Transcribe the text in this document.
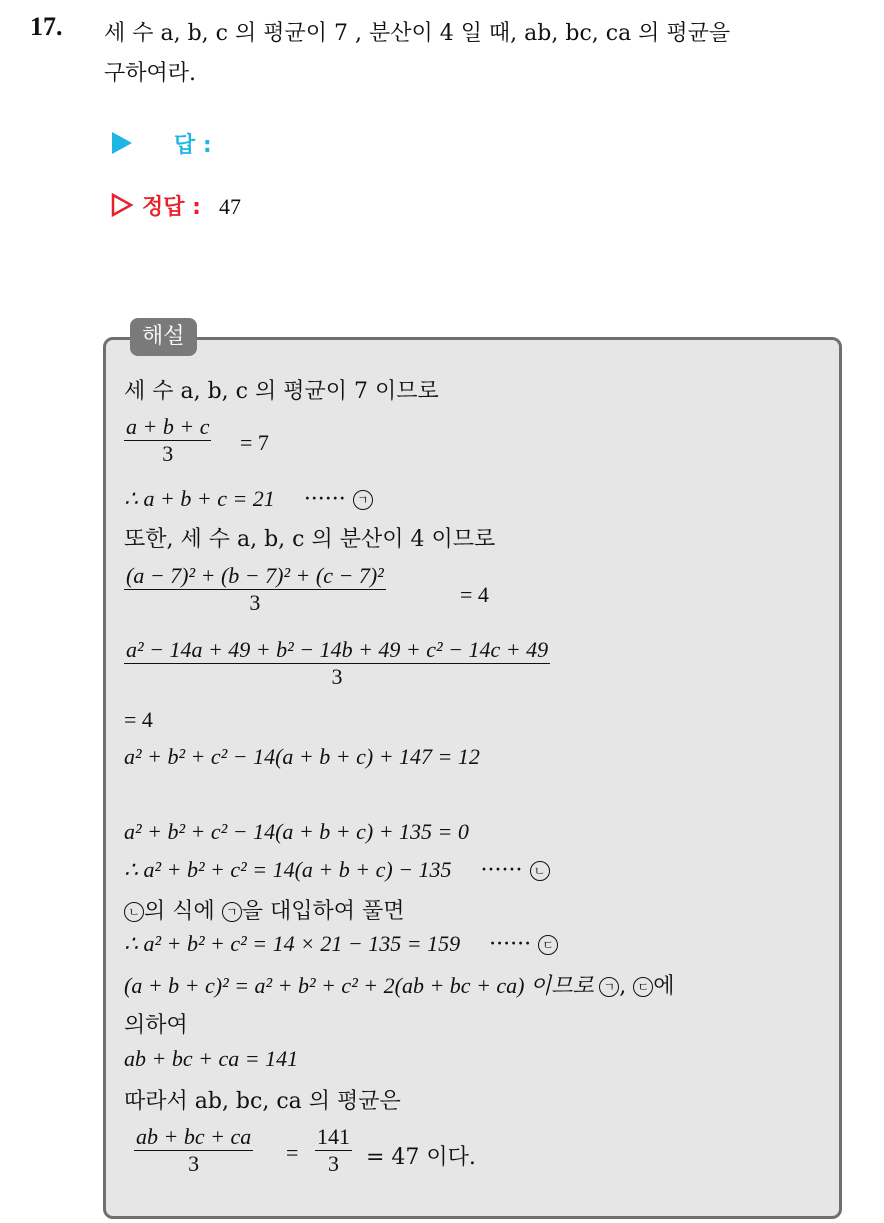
17. 세 수 a, b, c 의 평균이 7 , 분산이 4 일 때, ab, bc, ca 의 평균을
구하여라.
답 :
정답 : 47
해설
세 수 a, b, c 의 평균이 7 이므로
a + b + c
3	= 7
∴ a + b + c = 21 ······ ㄱ
또한, 세 수 a, b, c 의 분산이 4 이므로
(a − 7)² + (b − 7)² + (c − 7)²
3	= 4
a² − 14a + 49 + b² − 14b + 49 + c² − 14c + 49
3
= 4
a² + b² + c² − 14(a + b + c) + 147 = 12
a² + b² + c² − 14(a + b + c) + 135 = 0
∴ a² + b² + c² = 14(a + b + c) − 135 ······ ㄴ
ㄴ 의 식에 ㄱ 을 대입하여 풀면
∴ a² + b² + c² = 14 × 21 − 135 = 159 ······ ㄷ
(a + b + c)² = a² + b² + c² + 2(ab + bc + ca) 이므로 ㄱ , ㄷ 에
의하여
ab + bc + ca = 141
따라서 ab, bc, ca 의 평균은
ab + bc + ca
3	=
141
3	= 47 이다.
